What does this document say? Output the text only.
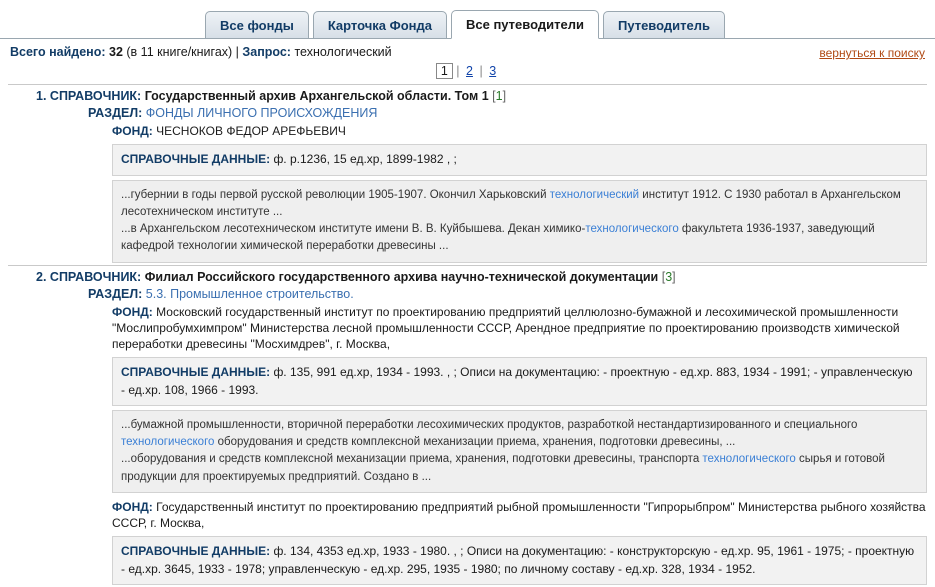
Все фонды	Карточка Фонда	Все путеводители	Путеводитель
Всего найдено: 32 (в 11 книге/книгах) | Запрос: технологический	вернуться к поиску
1 | 2 | 3
1. СПРАВОЧНИК: Государственный архив Архангельской области. Том 1 [1]
РАЗДЕЛ: ФОНДЫ ЛИЧНОГО ПРОИСХОЖДЕНИЯ
ФОНД: ЧЕСНОКОВ ФЕДОР АРЕФЬЕВИЧ
СПРАВОЧНЫЕ ДАННЫЕ: ф. р.1236, 15 ед.хр, 1899-1982 , ;
...губернии в годы первой русской революции 1905-1907. Окончил Харьковский технологический институт 1912. С 1930 работал в Архангельском лесотехническом институте ...
...в Архангельском лесотехническом институте имени В. В. Куйбышева. Декан химико-технологического факультета 1936-1937, заведующий кафедрой технологии химической переработки древесины ...
2. СПРАВОЧНИК: Филиал Российского государственного архива научно-технической документации [3]
РАЗДЕЛ: 5.3. Промышленное строительство.
ФОНД: Московский государственный институт по проектированию предприятий целлюлозно-бумажной и лесохимической промышленности "Мослипробумхимпром" Министерства лесной промышленности СССР, Арендное предприятие по проектированию производств химической переработки древесины "Мосхимдрев", г. Москва,
СПРАВОЧНЫЕ ДАННЫЕ: ф. 135, 991 ед.хр, 1934 - 1993. , ; Описи на документацию: - проектную - ед.хр. 883, 1934 - 1991; - управленческую - ед.хр. 108, 1966 - 1993.
...бумажной промышленности, вторичной переработки лесохимических продуктов, разработкой нестандартизированного и специального технологического оборудования и средств комплексной механизации приема, хранения, подготовки древесины, ...
...оборудования и средств комплексной механизации приема, хранения, подготовки древесины, транспорта технологического сырья и готовой продукции для проектируемых предприятий. Создано в ...
ФОНД: Государственный институт по проектированию предприятий рыбной промышленности "Гипрорыбпром" Министерства рыбного хозяйства СССР, г. Москва,
СПРАВОЧНЫЕ ДАННЫЕ: ф. 134, 4353 ед.хр, 1933 - 1980. , ; Описи на документацию: - конструкторскую - ед.хр. 95, 1961 - 1975; - проектную - ед.хр. 3645, 1933 - 1978; управленческую - ед.хр. 295, 1935 - 1980; по личному составу - ед.хр. 328, 1934 - 1952.
